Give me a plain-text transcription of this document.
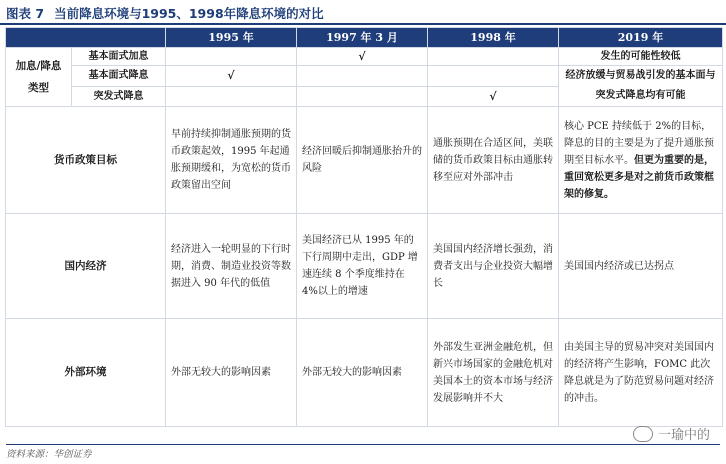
图表 7 当前降息环境与1995、1998年降息环境的对比
		1995 年	1997 年 3 月	1998 年	2019 年
加息/降息类型	基本面式加息		√		发生的可能性较低
	基本面式降息	√			经济放缓与贸易战引发的基本面与突发式降息均有可能
	突发式降息			√	
货币政策目标		早前持续抑制通胀预期的货币政策起效，1995 年起通胀预期缓和，为宽松的货币政策留出空间	经济回暖后抑制通胀抬升的风险	通胀预期在合适区间，美联储的货币政策目标由通胀转移至应对外部冲击	核心 PCE 持续低于 2%的目标，降息的目的主要是为了提升通胀预期至目标水平。但更为重要的是，重回宽松更多是对之前货币政策框架的修复。
国内经济		经济进入一轮明显的下行时期，消费、制造业投资等数据进入 90 年代的低值	美国经济已从 1995 年的下行周期中走出，GDP 增速连续 8 个季度维持在 4%以上的增速	美国国内经济增长强劲，消费者支出与企业投资大幅增长	美国国内经济或已达拐点
外部环境		外部无较大的影响因素	外部无较大的影响因素	外部发生亚洲金融危机，但新兴市场国家的金融危机对美国本土的资本市场与经济发展影响并不大	由美国主导的贸易冲突对美国国内的经济将产生影响，FOMC 此次降息就是为了防范贸易问题对经济的冲击。
一瑜中的
资料来源：华创证券
